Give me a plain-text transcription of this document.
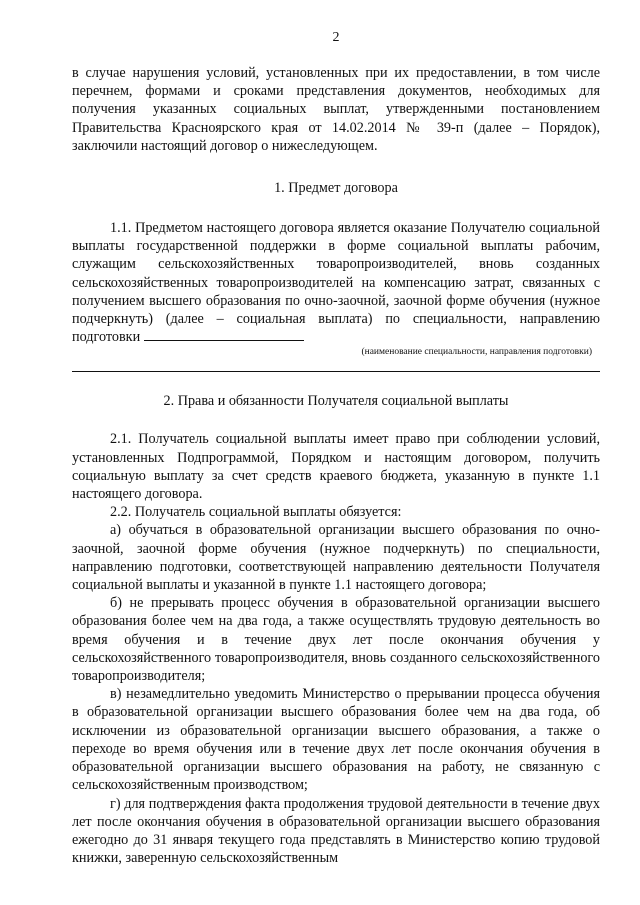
2

в случае нарушения условий, установленных при их предоставлении, в том числе перечнем, формами и сроками представления документов, необходимых для получения указанных социальных выплат, утвержденными постановлением Правительства Красноярского края от 14.02.2014 № 39-п (далее – Порядок), заключили настоящий договор о нижеследующем.

1. Предмет договора

1.1. Предметом настоящего договора является оказание Получателю социальной выплаты государственной поддержки в форме социальной выплаты рабочим, служащим сельскохозяйственных товаропроизводителей, вновь созданных сельскохозяйственных товаропроизводителей на компенсацию затрат, связанных с получением высшего образования по очно-заочной, заочной форме обучения (нужное подчеркнуть) (далее – социальная выплата) по специальности, направлению подготовки

(наименование специальности, направления подготовки)
2. Права и обязанности Получателя социальной выплаты

2.1. Получатель социальной выплаты имеет право при соблюдении условий, установленных Подпрограммой, Порядком и настоящим договором, получить социальную выплату за счет средств краевого бюджета, указанную в пункте 1.1 настоящего договора.

2.2. Получатель социальной выплаты обязуется:

а) обучаться в образовательной организации высшего образования по очно-заочной, заочной форме обучения (нужное подчеркнуть) по специальности, направлению подготовки, соответствующей направлению деятельности Получателя социальной выплаты и указанной в пункте 1.1 настоящего договора;

б) не прерывать процесс обучения в образовательной организации высшего образования более чем на два года, а также осуществлять трудовую деятельность во время обучения и в течение двух лет после окончания обучения у сельскохозяйственного товаропроизводителя, вновь созданного сельскохозяйственного товаропроизводителя;

в) незамедлительно уведомить Министерство о прерывании процесса обучения в образовательной организации высшего образования более чем на два года, об исключении из образовательной организации высшего образования, а также о переходе во время обучения или в течение двух лет после окончания обучения в образовательной организации высшего образования на работу, не связанную с сельскохозяйственным производством;

г) для подтверждения факта продолжения трудовой деятельности в течение двух лет после окончания обучения в образовательной организации высшего образования ежегодно до 31 января текущего года представлять в Министерство копию трудовой книжки, заверенную сельскохозяйственным
